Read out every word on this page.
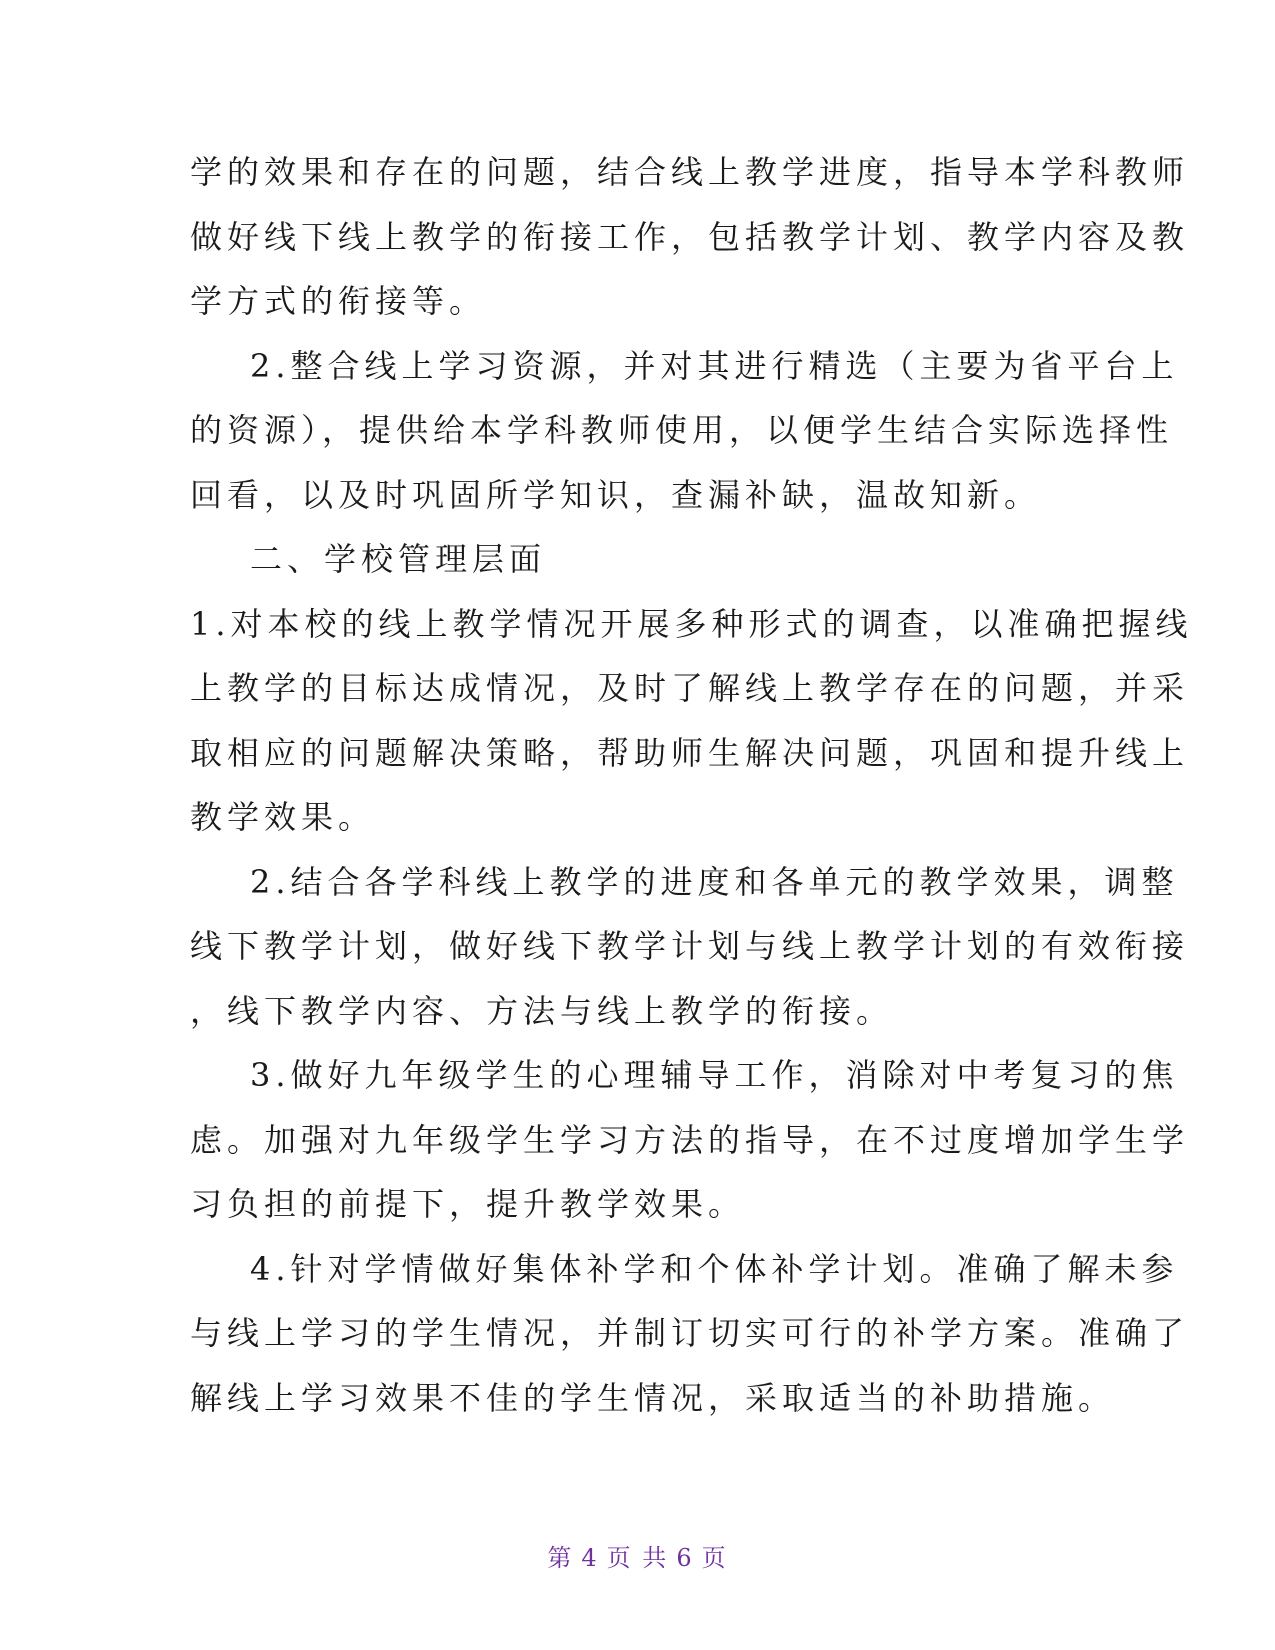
学的效果和存在的问题，结合线上教学进度，指导本学科教师
做好线下线上教学的衔接工作，包括教学计划、教学内容及教
学方式的衔接等。
2.整合线上学习资源，并对其进行精选（主要为省平台上
的资源），提供给本学科教师使用，以便学生结合实际选择性
回看，以及时巩固所学知识，查漏补缺，温故知新。
二、学校管理层面
1.对本校的线上教学情况开展多种形式的调查，以准确把握线
上教学的目标达成情况，及时了解线上教学存在的问题，并采
取相应的问题解决策略，帮助师生解决问题，巩固和提升线上
教学效果。
2.结合各学科线上教学的进度和各单元的教学效果，调整
线下教学计划，做好线下教学计划与线上教学计划的有效衔接
，线下教学内容、方法与线上教学的衔接。
3.做好九年级学生的心理辅导工作，消除对中考复习的焦
虑。加强对九年级学生学习方法的指导，在不过度增加学生学
习负担的前提下，提升教学效果。
4.针对学情做好集体补学和个体补学计划。准确了解未参
与线上学习的学生情况，并制订切实可行的补学方案。准确了
解线上学习效果不佳的学生情况，采取适当的补助措施。
第 4 页 共 6 页
